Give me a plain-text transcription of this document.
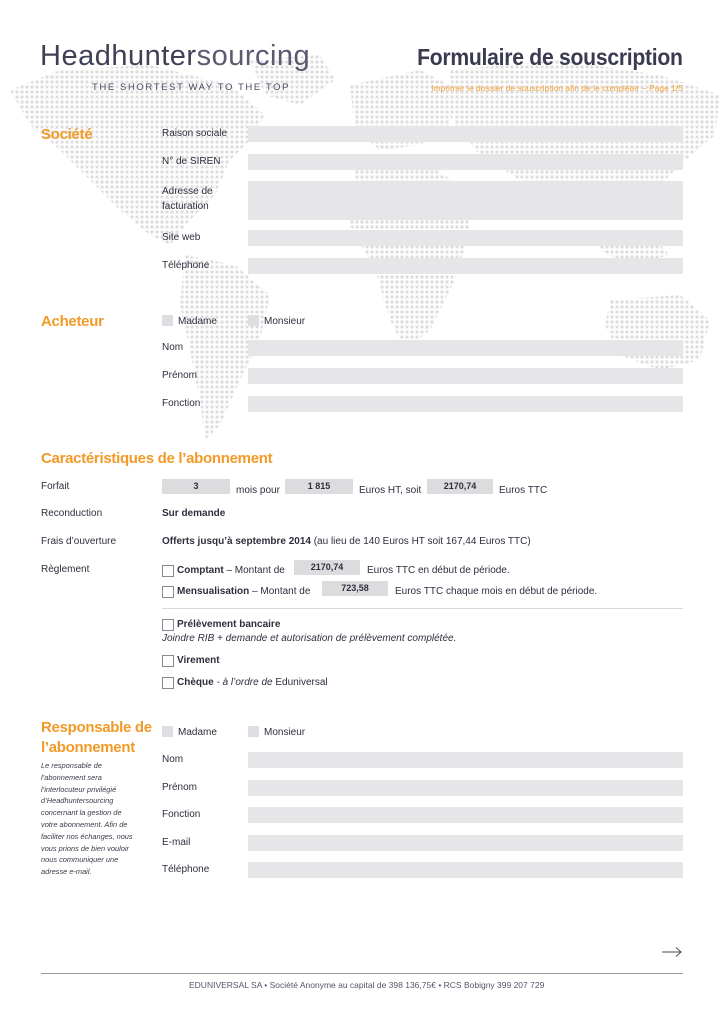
Headhuntersourcing
THE SHORTEST WAY TO THE TOP
Formulaire de souscription
Imprimer le dossier de souscription afin de le compléter – Page 1/5
Société	Raison sociale
N° de SIREN
Adresse de
facturation
Site web
Téléphone
Acheteur	Madame	Monsieur
Nom
Prénom
Fonction
Caractéristiques de l’abonnement
Forfait	3	mois pour	1 815	Euros HT, soit	2170,74	Euros TTC
Reconduction	Sur demande
Frais d’ouverture	Offerts jusqu’à septembre 2014 (au lieu de 140 Euros HT soit 167,44 Euros TTC)
Règlement	Comptant – Montant de	2170,74	Euros TTC en début de période.
Mensualisation – Montant de	723,58	Euros TTC chaque mois en début de période.
Prélèvement bancaire
Joindre RIB + demande et autorisation de prélèvement complétée.
Virement
Chèque - à l’ordre de Eduniversal
Responsable de
l’abonnement
Le responsable de
l’abonnement sera
l’interlocuteur privilégié
d’Headhuntersourcing
concernant la gestion de
votre abonnement. Afin de
faciliter nos échanges, nous
vous prions de bien vouloir
nous communiquer une
adresse e-mail.
Madame	Monsieur
Nom
Prénom
Fonction
E-mail
Téléphone
EDUNIVERSAL SA • Société Anonyme au capital de 398 136,75€ • RCS Bobigny 399 207 729
